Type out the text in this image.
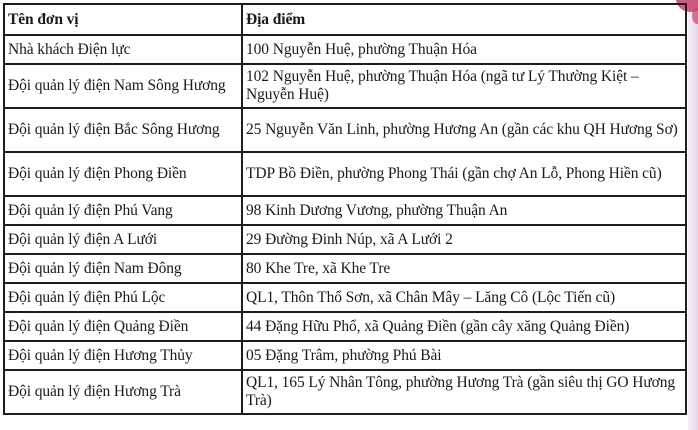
Tên đơn vị	Địa điểm
Nhà khách Điện lực	100 Nguyễn Huệ, phường Thuận Hóa
Đội quản lý điện Nam Sông Hương	102 Nguyễn Huệ, phường Thuận Hóa (ngã tư Lý Thường Kiệt – Nguyễn Huệ)
Đội quản lý điện Bắc Sông Hương	25 Nguyễn Văn Linh, phường Hương An (gần các khu QH Hương Sơ)
Đội quản lý điện Phong Điền	TDP Bồ Điền, phường Phong Thái (gần chợ An Lỗ, Phong Hiền cũ)
Đội quản lý điện Phú Vang	98 Kinh Dương Vương, phường Thuận An
Đội quản lý điện A Lưới	29 Đường Đinh Núp, xã A Lưới 2
Đội quản lý điện Nam Đông	80 Khe Tre, xã Khe Tre
Đội quản lý điện Phú Lộc	QL1, Thôn Thổ Sơn, xã Chân Mây – Lăng Cô (Lộc Tiến cũ)
Đội quản lý điện Quảng Điền	44 Đặng Hữu Phổ, xã Quảng Điền (gần cây xăng Quảng Điền)
Đội quản lý điện Hương Thủy	05 Đặng Trâm, phường Phú Bài
Đội quản lý điện Hương Trà	QL1, 165 Lý Nhân Tông, phường Hương Trà (gần siêu thị GO Hương Trà)
